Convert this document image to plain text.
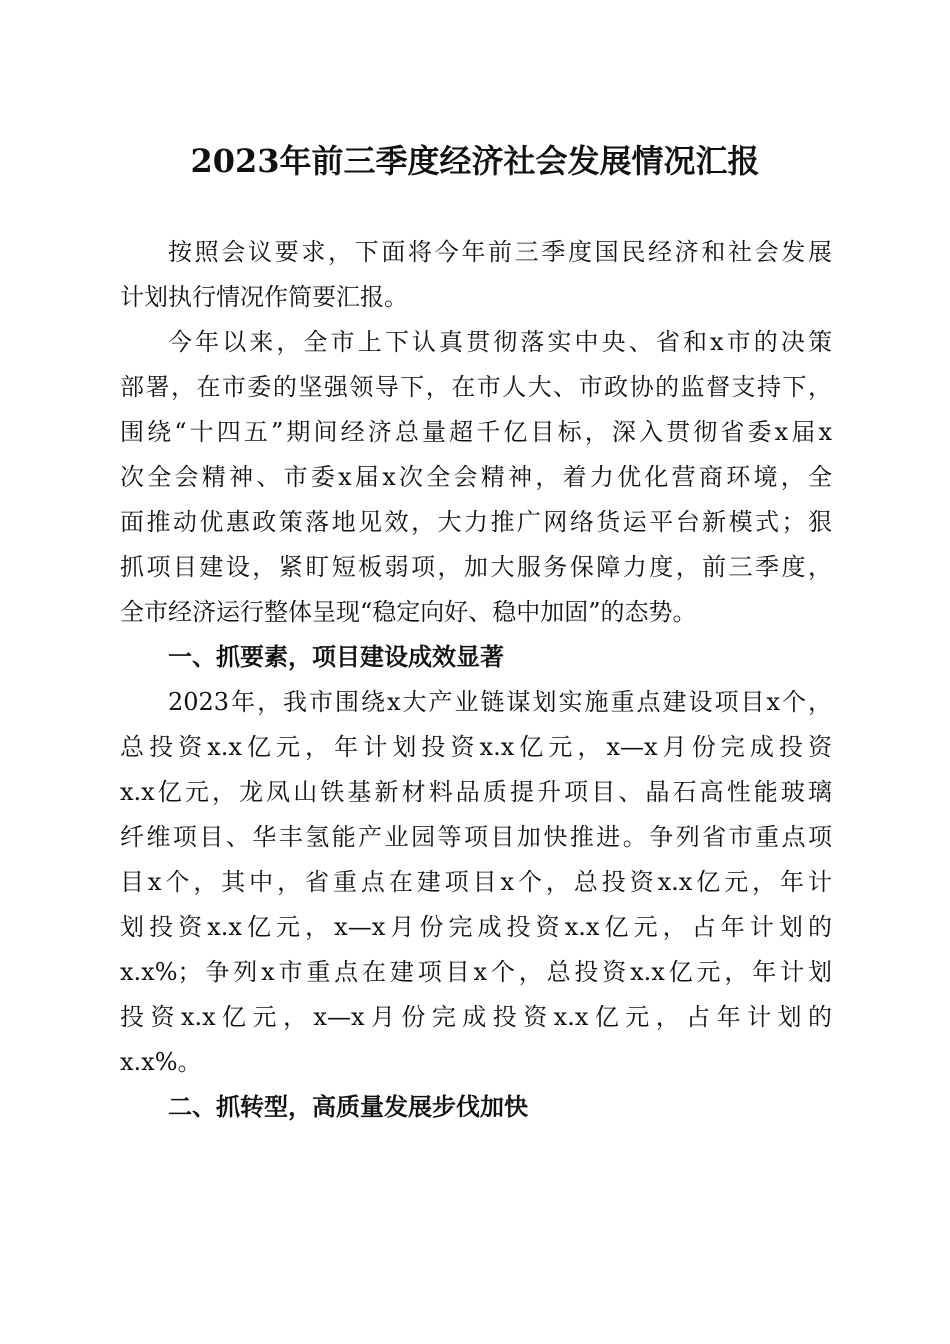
2023年前三季度经济社会发展情况汇报
按照会议要求，下面将今年前三季度国民经济和社会发展
计划执行情况作简要汇报。
今年以来，全市上下认真贯彻落实中央、省和x市的决策
部署，在市委的坚强领导下，在市人大、市政协的监督支持下，
围绕“十四五”期间经济总量超千亿目标，深入贯彻省委x届x
次全会精神、市委x届x次全会精神，着力优化营商环境，全
面推动优惠政策落地见效，大力推广网络货运平台新模式；狠
抓项目建设，紧盯短板弱项，加大服务保障力度，前三季度，
全市经济运行整体呈现“稳定向好、稳中加固”的态势。
一、抓要素，项目建设成效显著
2023年，我市围绕x大产业链谋划实施重点建设项目x个，
总投资x.x亿元，年计划投资x.x亿元，x—x月份完成投资
x.x亿元，龙凤山铁基新材料品质提升项目、晶石高性能玻璃
纤维项目、华丰氢能产业园等项目加快推进。争列省市重点项
目x个，其中，省重点在建项目x个，总投资x.x亿元，年计
划投资x.x亿元，x—x月份完成投资x.x亿元，占年计划的
x.x%；争列x市重点在建项目x个，总投资x.x亿元，年计划
投资x.x亿元，x—x月份完成投资x.x亿元，占年计划的
x.x%。
二、抓转型，高质量发展步伐加快
